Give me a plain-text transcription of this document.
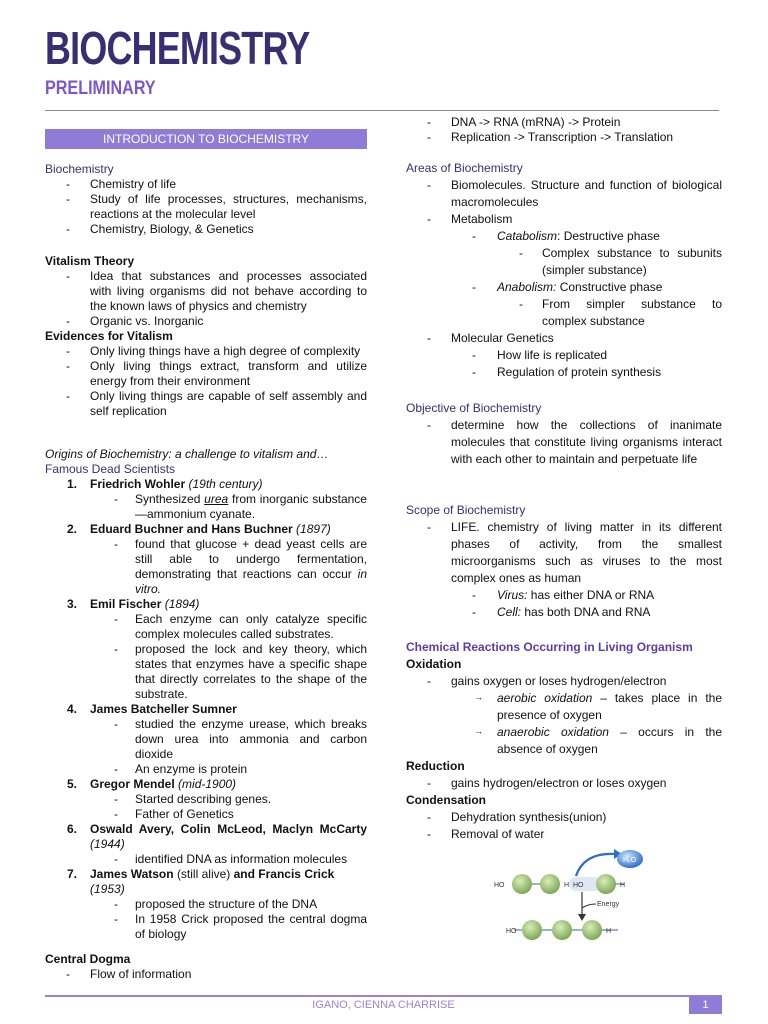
BIOCHEMISTRY
PRELIMINARY
INTRODUCTION TO BIOCHEMISTRY
Biochemistry
- Chemistry of life
- Study of life processes, structures, mechanisms, reactions at the molecular level
- Chemistry, Biology, & Genetics
Vitalism Theory
- Idea that substances and processes associated with living organisms did not behave according to the known laws of physics and chemistry
- Organic vs. Inorganic
Evidences for Vitalism
- Only living things have a high degree of complexity
- Only living things extract, transform and utilize energy from their environment
- Only living things are capable of self assembly and self replication
Origins of Biochemistry: a challenge to vitalism and…
Famous Dead Scientists
1. Friedrich Wohler (19th century)
- Synthesized urea from inorganic substance—ammonium cyanate.
2. Eduard Buchner and Hans Buchner (1897)
- found that glucose + dead yeast cells are still able to undergo fermentation, demonstrating that reactions can occur in vitro.
3. Emil Fischer (1894)
- Each enzyme can only catalyze specific complex molecules called substrates.
- proposed the lock and key theory, which states that enzymes have a specific shape that directly correlates to the shape of the substrate.
4. James Batcheller Sumner
- studied the enzyme urease, which breaks down urea into ammonia and carbon dioxide
- An enzyme is protein
5. Gregor Mendel (mid-1900)
- Started describing genes.
- Father of Genetics
6. Oswald Avery, Colin McLeod, Maclyn McCarty (1944)
- identified DNA as information molecules
7. James Watson (still alive) and Francis Crick (1953)
- proposed the structure of the DNA
- In 1958 Crick proposed the central dogma of biology
Central Dogma
- Flow of information
- DNA -> RNA (mRNA) -> Protein
- Replication -> Transcription -> Translation
Areas of Biochemistry
- Biomolecules. Structure and function of biological macromolecules
- Metabolism
- Catabolism: Destructive phase
- Complex substance to subunits (simpler substance)
- Anabolism: Constructive phase
- From simpler substance to complex substance
- Molecular Genetics
- How life is replicated
- Regulation of protein synthesis
Objective of Biochemistry
- determine how the collections of inanimate molecules that constitute living organisms interact with each other to maintain and perpetuate life
Scope of Biochemistry
- LIFE. chemistry of living matter in its different phases of activity, from the smallest microorganisms such as viruses to the most complex ones as human
- Virus: has either DNA or RNA
- Cell: has both DNA and RNA
Chemical Reactions Occurring in Living Organism
Oxidation
- gains oxygen or loses hydrogen/electron
→ aerobic oxidation – takes place in the presence of oxygen
→ anaerobic oxidation – occurs in the absence of oxygen
Reduction
- gains hydrogen/electron or loses oxygen
Condensation
- Dehydration synthesis(union)
- Removal of water
HO	H HO	H
H₂O
Energy
HO	H
IGANO, CIENNA CHARRISE	1
